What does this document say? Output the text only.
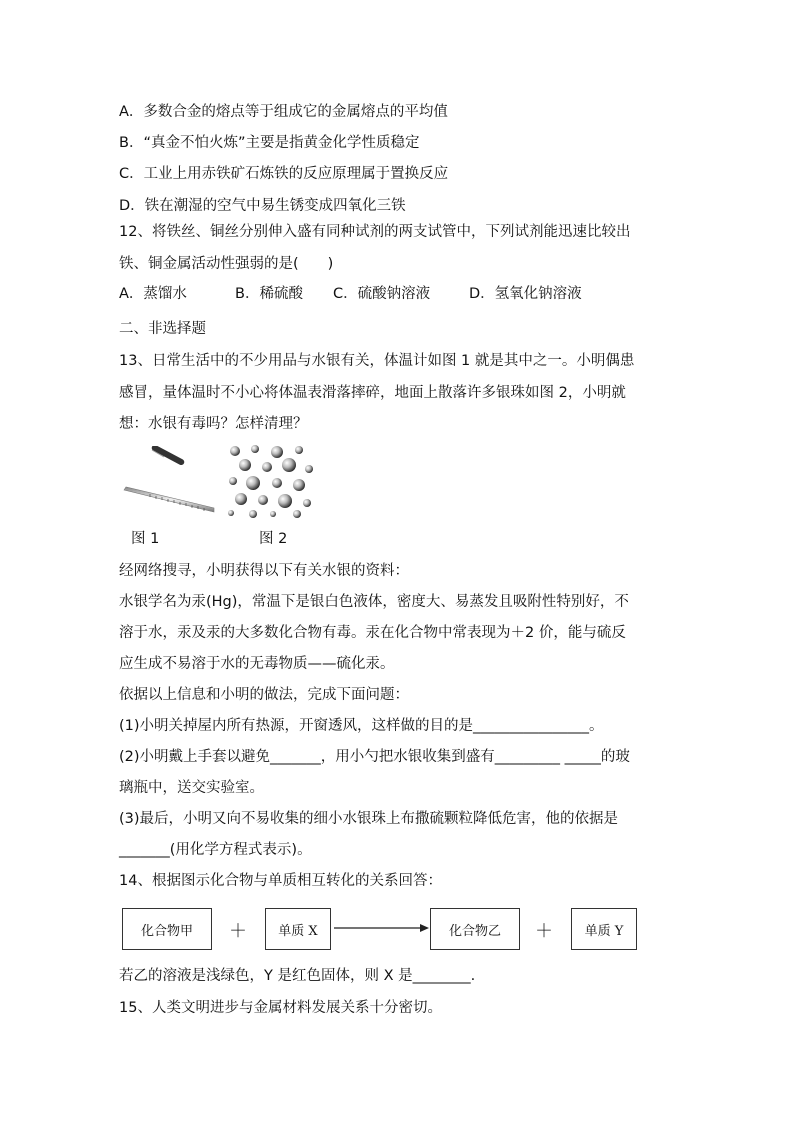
A．多数合金的熔点等于组成它的金属熔点的平均值
B．“真金不怕火炼”主要是指黄金化学性质稳定
C．工业上用赤铁矿石炼铁的反应原理属于置换反应
D．铁在潮湿的空气中易生锈变成四氧化三铁
12、将铁丝、铜丝分别伸入盛有同种试剂的两支试管中，下列试剂能迅速比较出
铁、铜金属活动性强弱的是(　　)
A．蒸馏水	B．稀硫酸 C．硫酸钠溶液	D．氢氧化钠溶液
二、非选择题
13、日常生活中的不少用品与水银有关，体温计如图 1 就是其中之一。小明偶患
感冒，量体温时不小心将体温表滑落摔碎，地面上散落许多银珠如图 2，小明就
想：水银有毒吗？怎样清理？
图 1	图 2
经网络搜寻，小明获得以下有关水银的资料：
水银学名为汞(Hg)，常温下是银白色液体，密度大、易蒸发且吸附性特别好，不
溶于水，汞及汞的大多数化合物有毒。汞在化合物中常表现为＋2 价，能与硫反
应生成不易溶于水的无毒物质——硫化汞。
依据以上信息和小明的做法，完成下面问题：
(1)小明关掉屋内所有热源，开窗透风，这样做的目的是________________。
(2)小明戴上手套以避免_______，用小勺把水银收集到盛有_________ _____的玻
璃瓶中，送交实验室。
(3)最后，小明又向不易收集的细小水银珠上布撒硫颗粒降低危害，他的依据是
_______(用化学方程式表示)。
14、根据图示化合物与单质相互转化的关系回答：
化合物甲	＋	单质 X	化合物乙	＋	单质 Y
若乙的溶液是浅绿色，Y 是红色固体，则 X 是________.
15、人类文明进步与金属材料发展关系十分密切。
